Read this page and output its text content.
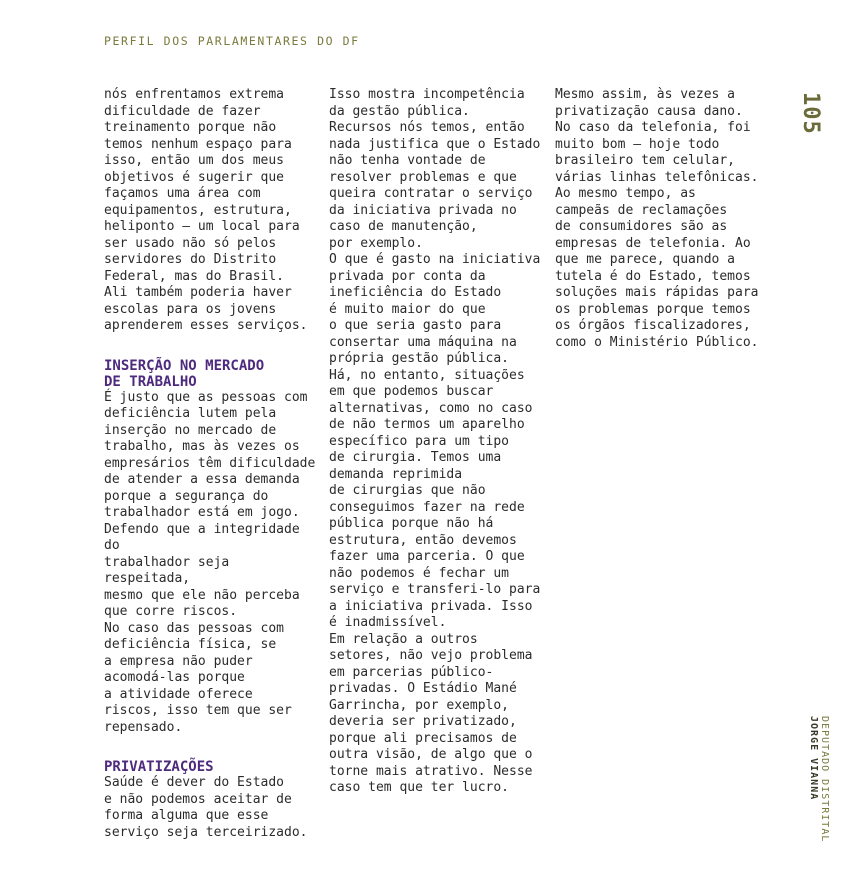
PERFIL DOS PARLAMENTARES DO DF

nós enfrentamos extrema
dificuldade de fazer
treinamento porque não
temos nenhum espaço para
isso, então um dos meus
objetivos é sugerir que
façamos uma área com
equipamentos, estrutura,
heliponto — um local para
ser usado não só pelos
servidores do Distrito
Federal, mas do Brasil.
Ali também poderia haver
escolas para os jovens
aprenderem esses serviços.

INSERÇÃO NO MERCADO
DE TRABALHO

É justo que as pessoas com
deficiência lutem pela
inserção no mercado de
trabalho, mas às vezes os
empresários têm dificuldade
de atender a essa demanda
porque a segurança do
trabalhador está em jogo.
Defendo que a integridade do
trabalhador seja respeitada,
mesmo que ele não perceba
que corre riscos.
No caso das pessoas com
deficiência física, se
a empresa não puder
acomodá-las porque
a atividade oferece
riscos, isso tem que ser
repensado.

PRIVATIZAÇÕES

Saúde é dever do Estado
e não podemos aceitar de
forma alguma que esse
serviço seja terceirizado.

Isso mostra incompetência
da gestão pública.
Recursos nós temos, então
nada justifica que o Estado
não tenha vontade de
resolver problemas e que
queira contratar o serviço
da iniciativa privada no
caso de manutenção,
por exemplo.
O que é gasto na iniciativa
privada por conta da
ineficiência do Estado
é muito maior do que
o que seria gasto para
consertar uma máquina na
própria gestão pública.
Há, no entanto, situações
em que podemos buscar
alternativas, como no caso
de não termos um aparelho
específico para um tipo
de cirurgia. Temos uma
demanda reprimida
de cirurgias que não
conseguimos fazer na rede
pública porque não há
estrutura, então devemos
fazer uma parceria. O que
não podemos é fechar um
serviço e transferi-lo para
a iniciativa privada. Isso
é inadmissível.
Em relação a outros
setores, não vejo problema
em parcerias público-
privadas. O Estádio Mané
Garrincha, por exemplo,
deveria ser privatizado,
porque ali precisamos de
outra visão, de algo que o
torne mais atrativo. Nesse
caso tem que ter lucro.

Mesmo assim, às vezes a
privatização causa dano.
No caso da telefonia, foi
muito bom — hoje todo
brasileiro tem celular,
várias linhas telefônicas.
Ao mesmo tempo, as
campeãs de reclamações
de consumidores são as
empresas de telefonia. Ao
que me parece, quando a
tutela é do Estado, temos
soluções mais rápidas para
os problemas porque temos
os órgãos fiscalizadores,
como o Ministério Público.

105
DEPUTADO DISTRITAL
JORGE VIANNA
